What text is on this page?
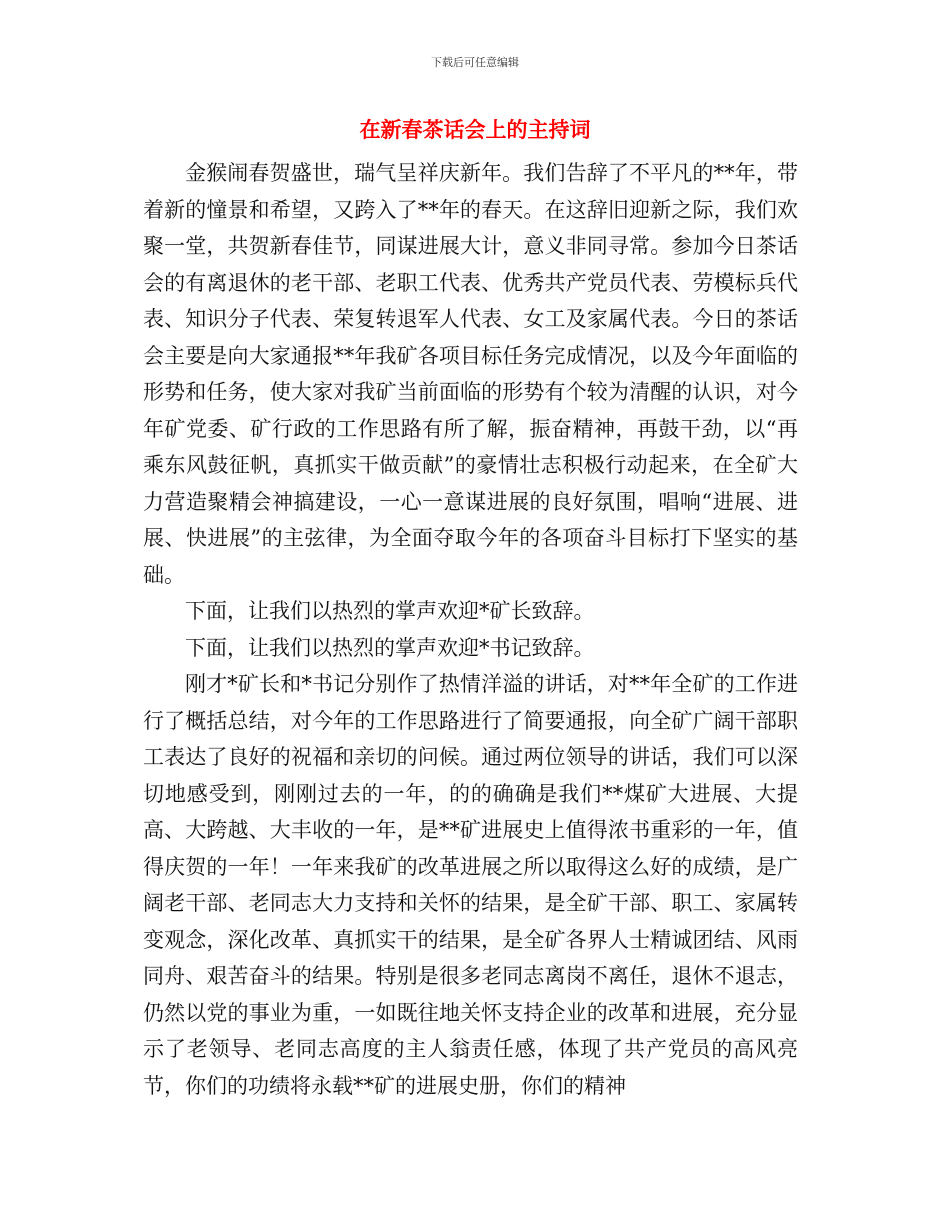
下载后可任意编辑
在新春茶话会上的主持词

金猴闹春贺盛世，瑞气呈祥庆新年。我们告辞了不平凡的**年，带着新的憧景和希望，又跨入了**年的春天。在这辞旧迎新之际，我们欢聚一堂，共贺新春佳节，同谋进展大计，意义非同寻常。参加今日茶话会的有离退休的老干部、老职工代表、优秀共产党员代表、劳模标兵代表、知识分子代表、荣复转退军人代表、女工及家属代表。今日的茶话会主要是向大家通报**年我矿各项目标任务完成情况，以及今年面临的形势和任务，使大家对我矿当前面临的形势有个较为清醒的认识，对今年矿党委、矿行政的工作思路有所了解，振奋精神，再鼓干劲，以“再乘东风鼓征帆，真抓实干做贡献”的豪情壮志积极行动起来，在全矿大力营造聚精会神搞建设，一心一意谋进展的良好氛围，唱响“进展、进展、快进展”的主弦律，为全面夺取今年的各项奋斗目标打下坚实的基础。

下面，让我们以热烈的掌声欢迎*矿长致辞。

下面，让我们以热烈的掌声欢迎*书记致辞。

刚才*矿长和*书记分别作了热情洋溢的讲话，对**年全矿的工作进行了概括总结，对今年的工作思路进行了简要通报，向全矿广阔干部职工表达了良好的祝福和亲切的问候。通过两位领导的讲话，我们可以深切地感受到，刚刚过去的一年，的的确确是我们**煤矿大进展、大提高、大跨越、大丰收的一年，是**矿进展史上值得浓书重彩的一年，值得庆贺的一年！一年来我矿的改革进展之所以取得这么好的成绩，是广阔老干部、老同志大力支持和关怀的结果，是全矿干部、职工、家属转变观念，深化改革、真抓实干的结果，是全矿各界人士精诚团结、风雨同舟、艰苦奋斗的结果。特别是很多老同志离岗不离任，退休不退志，仍然以党的事业为重，一如既往地关怀支持企业的改革和进展，充分显示了老领导、老同志高度的主人翁责任感，体现了共产党员的高风亮节，你们的功绩将永载**矿的进展史册，你们的精神
